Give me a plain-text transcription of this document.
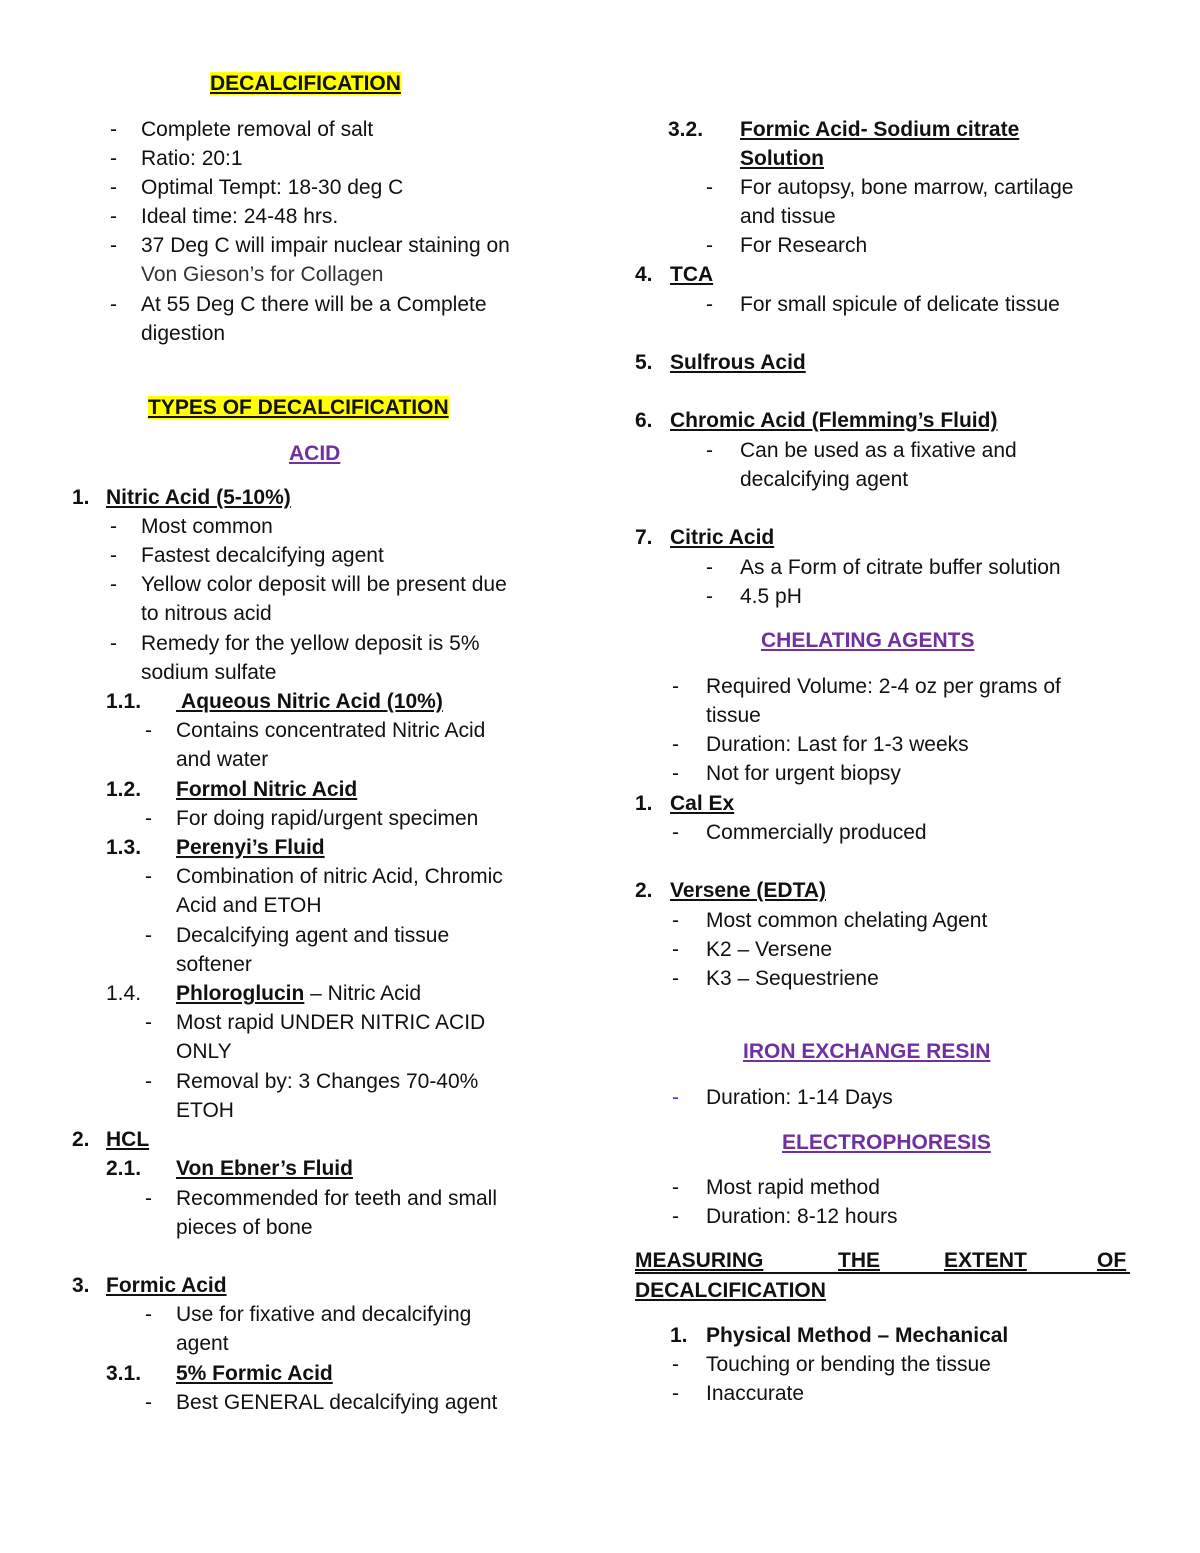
DECALCIFICATION
- Complete removal of salt
- Ratio: 20:1
- Optimal Tempt: 18-30 deg C
- Ideal time: 24-48 hrs.
- 37 Deg C will impair nuclear staining on
Von Gieson’s for Collagen
- At 55 Deg C there will be a Complete
digestion
TYPES OF DECALCIFICATION
ACID
1. Nitric Acid (5-10%)
- Most common
- Fastest decalcifying agent
- Yellow color deposit will be present due
to nitrous acid
- Remedy for the yellow deposit is 5%
sodium sulfate
1.1. Aqueous Nitric Acid (10%)
- Contains concentrated Nitric Acid
and water
1.2. Formol Nitric Acid
- For doing rapid/urgent specimen
1.3. Perenyi’s Fluid
- Combination of nitric Acid, Chromic
Acid and ETOH
- Decalcifying agent and tissue
softener
1.4. Phloroglucin – Nitric Acid
- Most rapid UNDER NITRIC ACID
ONLY
- Removal by: 3 Changes 70-40%
ETOH
2. HCL
2.1. Von Ebner’s Fluid
- Recommended for teeth and small
pieces of bone
3. Formic Acid
- Use for fixative and decalcifying
agent
3.1. 5% Formic Acid
- Best GENERAL decalcifying agent
3.2. Formic Acid- Sodium citrate
Solution
- For autopsy, bone marrow, cartilage
and tissue
- For Research
4. TCA
- For small spicule of delicate tissue
5. Sulfrous Acid
6. Chromic Acid (Flemming’s Fluid)
- Can be used as a fixative and
decalcifying agent
7. Citric Acid
- As a Form of citrate buffer solution
- 4.5 pH
CHELATING AGENTS
- Required Volume: 2-4 oz per grams of
tissue
- Duration: Last for 1-3 weeks
- Not for urgent biopsy
1. Cal Ex
- Commercially produced
2. Versene (EDTA)
- Most common chelating Agent
- K2 – Versene
- K3 – Sequestriene
IRON EXCHANGE RESIN
- Duration: 1-14 Days
ELECTROPHORESIS
- Most rapid method
- Duration: 8-12 hours
MEASURING	THE	EXTENT	OF
DECALCIFICATION
1. Physical Method – Mechanical
- Touching or bending the tissue
- Inaccurate
